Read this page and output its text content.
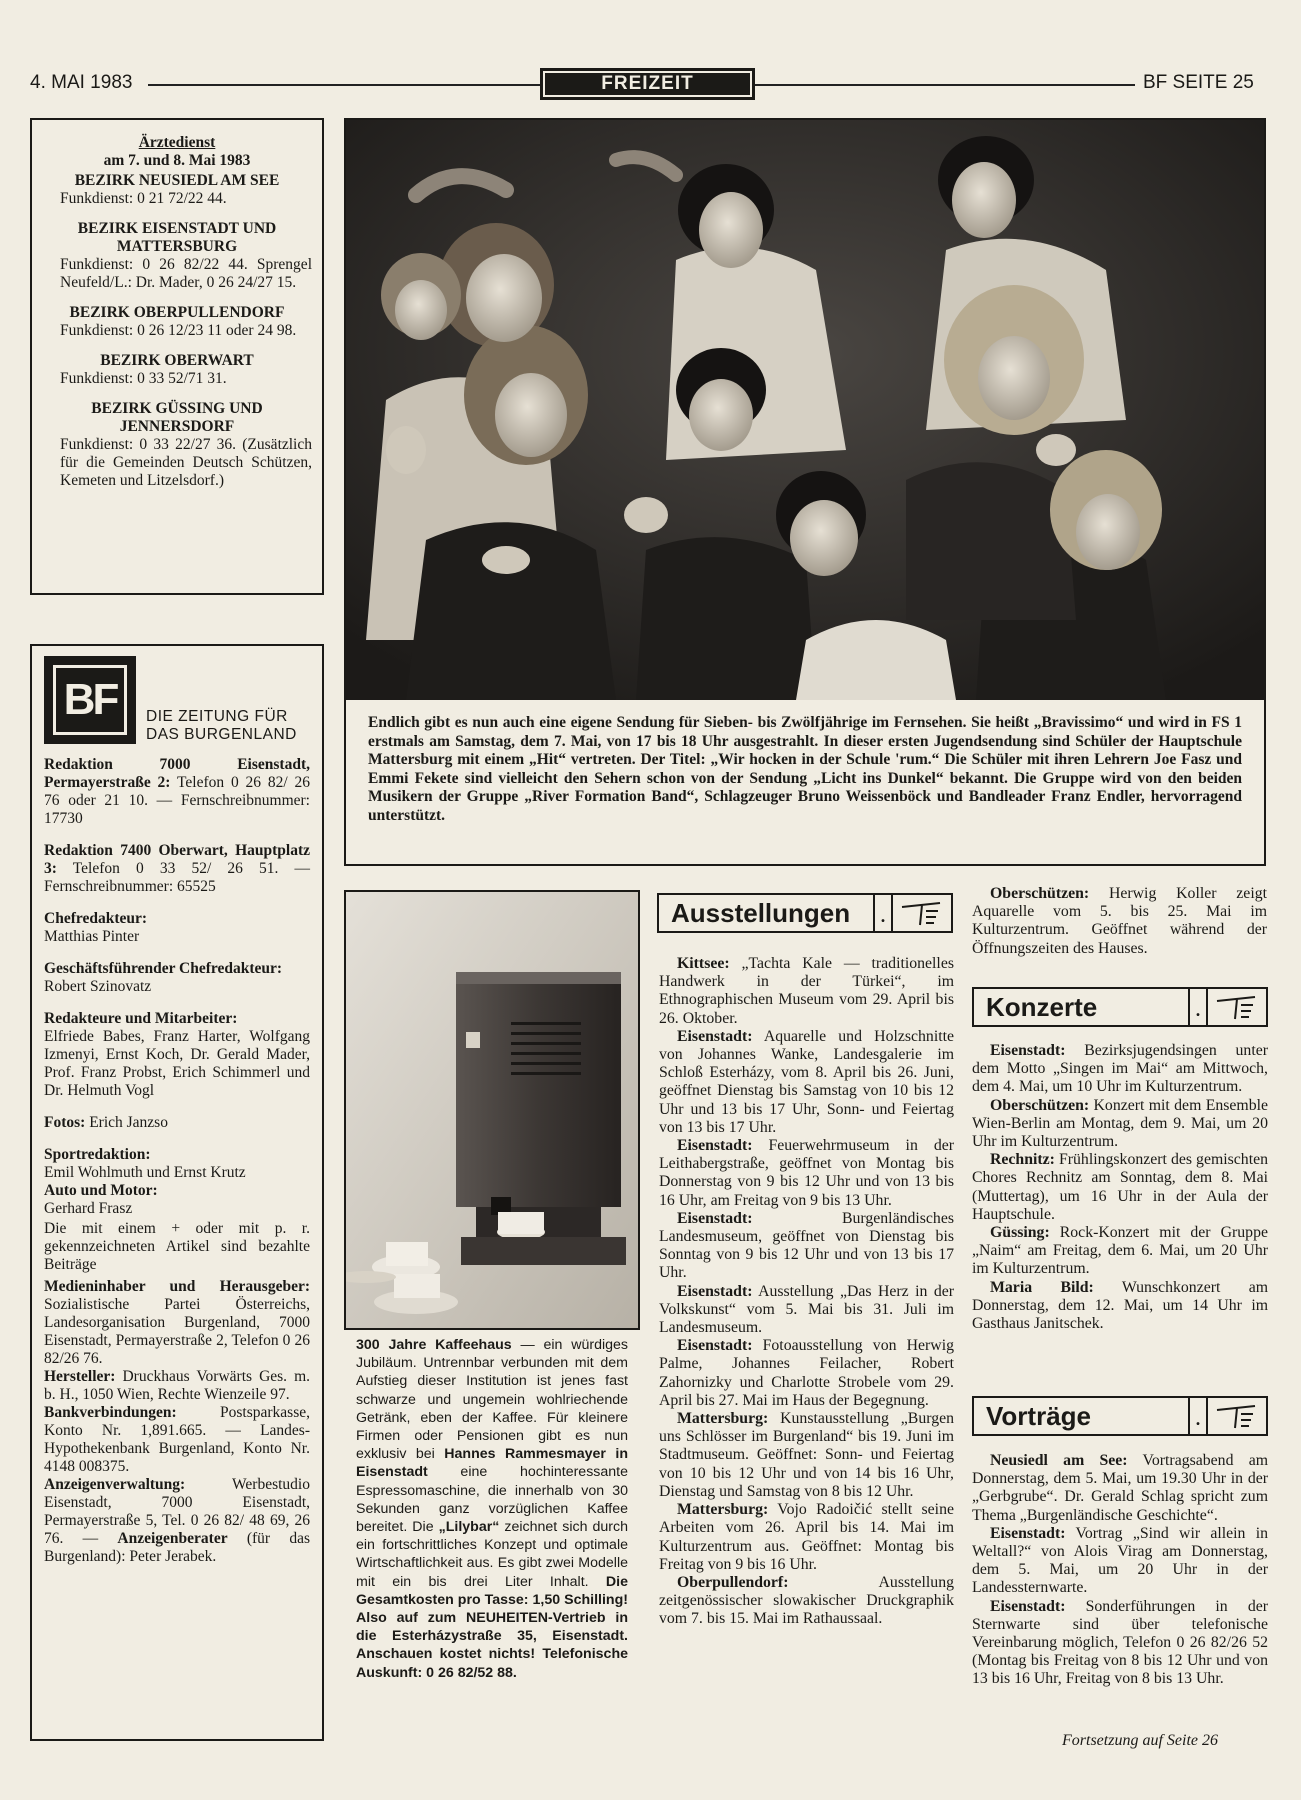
4. MAI 1983	FREIZEIT	BF SEITE 25
Ärztedienst
am 7. und 8. Mai 1983
BEZIRK NEUSIEDL AM SEE
Funkdienst: 0 21 72/22 44.
BEZIRK EISENSTADT UND MATTERSBURG
Funkdienst: 0 26 82/22 44. Sprengel Neufeld/L.: Dr. Mader, 0 26 24/27 15.
BEZIRK OBERPULLENDORF
Funkdienst: 0 26 12/23 11 oder 24 98.
BEZIRK OBERWART
Funkdienst: 0 33 52/71 31.
BEZIRK GÜSSING UND JENNERSDORF
Funkdienst: 0 33 22/27 36. (Zusätzlich für die Gemeinden Deutsch Schützen, Kemeten und Litzelsdorf.)
BF	DIE ZEITUNG FÜR
DAS BURGENLAND

Redaktion 7000 Eisenstadt, Permayerstraße 2: Telefon 0 26 82/ 26 76 oder 21 10. — Fernschreibnummer: 17730

Redaktion 7400 Oberwart, Hauptplatz 3: Telefon 0 33 52/ 26 51. — Fernschreibnummer: 65525

Chefredakteur:
Matthias Pinter

Geschäftsführender Chefredakteur:
Robert Szinovatz

Redakteure und Mitarbeiter:
Elfriede Babes, Franz Harter, Wolfgang Izmenyi, Ernst Koch, Dr. Gerald Mader, Prof. Franz Probst, Erich Schimmerl und Dr. Helmuth Vogl

Fotos: Erich Janzso

Sportredaktion:
Emil Wohlmuth und Ernst Krutz

Auto und Motor:
Gerhard Frasz

Die mit einem + oder mit p. r. gekennzeichneten Artikel sind bezahlte Beiträge

Medieninhaber und Herausgeber: Sozialistische Partei Österreichs, Landesorganisation Burgenland, 7000 Eisenstadt, Permayerstraße 2, Telefon 0 26 82/26 76.

Hersteller: Druckhaus Vorwärts Ges. m. b. H., 1050 Wien, Rechte Wienzeile 97.

Bankverbindungen:	Postsparkasse, Konto Nr. 1,891.665. — Landes-Hypothekenbank Burgenland, Konto Nr. 4148 008375.

Anzeigenverwaltung:	Werbestudio Eisenstadt, 7000 Eisenstadt, Permayerstraße 5, Tel. 0 26 82/ 48 69, 26 76. — Anzeigenberater (für das Burgenland): Peter Jerabek.

Endlich gibt es nun auch eine eigene Sendung für Sieben- bis Zwölfjährige im Fernsehen. Sie heißt „Bravissimo“ und wird in FS 1 erstmals am Samstag, dem 7. Mai, von 17 bis 18 Uhr ausgestrahlt. In dieser ersten Jugendsendung sind Schüler der Hauptschule Mattersburg mit einem „Hit“ vertreten. Der Titel: „Wir hocken in der Schule 'rum.“ Die Schüler mit ihren Lehrern Joe Fasz und Emmi Fekete sind vielleicht den Sehern schon von der Sendung „Licht ins Dunkel“ bekannt. Die Gruppe wird von den beiden Musikern der Gruppe „River Formation Band“, Schlagzeuger Bruno Weissenböck und Bandleader Franz Endler, hervorragend unterstützt.
300 Jahre Kaffeehaus — ein würdiges Jubiläum. Untrennbar verbunden mit dem Aufstieg dieser Institution ist jenes fast schwarze und ungemein wohlriechende Getränk, eben der Kaffee. Für kleinere Firmen oder Pensionen gibt es nun exklusiv bei Hannes Rammesmayer in Eisenstadt eine hochinteressante Espressomaschine, die innerhalb von 30 Sekunden ganz vorzüglichen Kaffee bereitet. Die „Lilybar“ zeichnet sich durch ein fortschrittliches Konzept und optimale Wirtschaftlichkeit aus. Es gibt zwei Modelle mit ein bis drei Liter Inhalt. Die Gesamtkosten pro Tasse: 1,50 Schilling! Also auf zum NEUHEITEN-Vertrieb in die Esterházystraße 35, Eisenstadt. Anschauen kostet nichts! Telefonische Auskunft: 0 26 82/52 88.
Ausstellungen	.

Kittsee: „Tachta Kale — traditionelles Handwerk in der Türkei“, im Ethnographischen Museum vom 29. April bis 26. Oktober.

Eisenstadt: Aquarelle und Holzschnitte von Johannes Wanke, Landesgalerie im Schloß Esterházy, vom 8. April bis 26. Juni, geöffnet Dienstag bis Samstag von 10 bis 12 Uhr und 13 bis 17 Uhr, Sonn- und Feiertag von 13 bis 17 Uhr.

Eisenstadt: Feuerwehrmuseum in der Leithabergstraße, geöffnet von Montag bis Donnerstag von 9 bis 12 Uhr und von 13 bis 16 Uhr, am Freitag von 9 bis 13 Uhr.

Eisenstadt:	Burgenländisches Landesmuseum, geöffnet von Dienstag bis Sonntag von 9 bis 12 Uhr und von 13 bis 17 Uhr.

Eisenstadt: Ausstellung „Das Herz in der Volkskunst“ vom 5. Mai bis 31. Juli im Landesmuseum.

Eisenstadt: Fotoausstellung von Herwig Palme, Johannes Feilacher, Robert Zahornizky und Charlotte Strobele vom 29. April bis 27. Mai im Haus der Begegnung.

Mattersburg: Kunstausstellung „Burgen uns Schlösser im Burgenland“ bis 19. Juni im Stadtmuseum. Geöffnet: Sonn- und Feiertag von 10 bis 12 Uhr und von 14 bis 16 Uhr, Dienstag und Samstag von 8 bis 12 Uhr.

Mattersburg: Vojo Radoičić stellt seine Arbeiten vom 26. April bis 14. Mai im Kulturzentrum aus. Geöffnet: Montag bis Freitag von 9 bis 16 Uhr.

Oberpullendorf:	Ausstellung zeitgenössischer slowakischer Druckgraphik vom 7. bis 15. Mai im Rathaussaal.

Oberschützen: Herwig Koller zeigt Aquarelle vom 5. bis 25. Mai im Kulturzentrum. Geöffnet während der Öffnungszeiten des Hauses.

Konzerte	.

Eisenstadt: Bezirksjugendsingen unter dem Motto „Singen im Mai“ am Mittwoch, dem 4. Mai, um 10 Uhr im Kulturzentrum.

Oberschützen: Konzert mit dem Ensemble Wien-Berlin am Montag, dem 9. Mai, um 20 Uhr im Kulturzentrum.

Rechnitz: Frühlingskonzert des gemischten Chores Rechnitz am Sonntag, dem 8. Mai (Muttertag), um 16 Uhr in der Aula der Hauptschule.

Güssing: Rock-Konzert mit der Gruppe „Naim“ am Freitag, dem 6. Mai, um 20 Uhr im Kulturzentrum.

Maria Bild: Wunschkonzert am Donnerstag, dem 12. Mai, um 14 Uhr im Gasthaus Janitschek.

Vorträge	.

Neusiedl am See: Vortragsabend am Donnerstag, dem 5. Mai, um 19.30 Uhr in der „Gerbgrube“. Dr. Gerald Schlag spricht zum Thema „Burgenländische Geschichte“.

Eisenstadt: Vortrag „Sind wir allein in Weltall?“ von Alois Virag am Donnerstag, dem 5. Mai, um 20 Uhr in der Landessternwarte.

Eisenstadt: Sonderführungen in der Sternwarte sind über telefonische Vereinbarung möglich, Telefon 0 26 82/26 52 (Montag bis Freitag von 8 bis 12 Uhr und von 13 bis 16 Uhr, Freitag von 8 bis 13 Uhr.

Fortsetzung auf Seite 26
